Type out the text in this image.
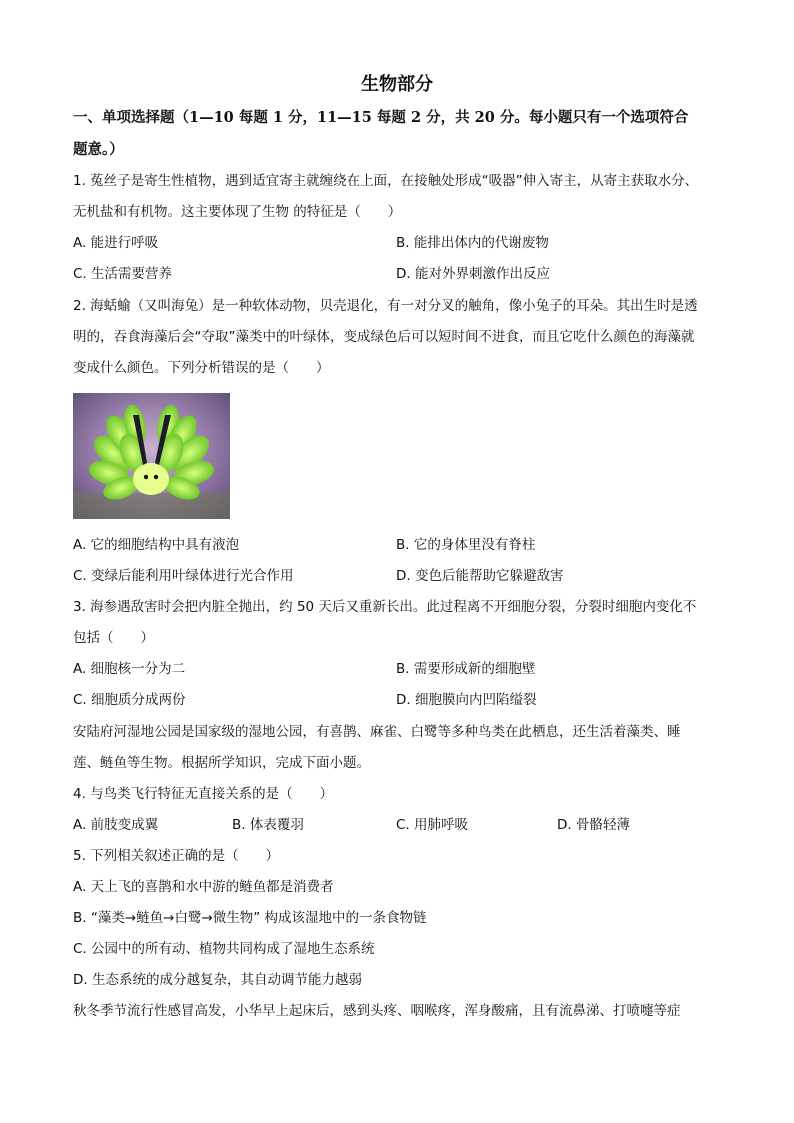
生物部分
一、单项选择题（1—10 每题 1 分，11—15 每题 2 分，共 20 分。每小题只有一个选项符合
题意。）
1. 菟丝子是寄生性植物，遇到适宜寄主就缠绕在上面，在接触处形成“吸器”伸入寄主，从寄主获取水分、
无机盐和有机物。这主要体现了生物 的特征是（　　）
A. 能进行呼吸	B. 能排出体内的代谢废物
C. 生活需要营养	D. 能对外界刺激作出反应
2. 海蛞蝓（又叫海兔）是一种软体动物，贝壳退化，有一对分叉的触角，像小兔子的耳朵。其出生时是透
明的，吞食海藻后会“夺取”藻类中的叶绿体，变成绿色后可以短时间不进食，而且它吃什么颜色的海藻就
变成什么颜色。下列分析错误的是（　　）
A. 它的细胞结构中具有液泡	B. 它的身体里没有脊柱
C. 变绿后能利用叶绿体进行光合作用	D. 变色后能帮助它躲避敌害
3. 海参遇敌害时会把内脏全抛出，约 50 天后又重新长出。此过程离不开细胞分裂，分裂时细胞内变化不
包括（　　）
A. 细胞核一分为二	B. 需要形成新的细胞壁
C. 细胞质分成两份	D. 细胞膜向内凹陷缢裂
安陆府河湿地公园是国家级的湿地公园，有喜鹊、麻雀、白鹭等多种鸟类在此栖息，还生活着藻类、睡
莲、鲢鱼等生物。根据所学知识，完成下面小题。
4. 与鸟类飞行特征无直接关系的是（　　）
A. 前肢变成翼	B. 体表覆羽	C. 用肺呼吸	D. 骨骼轻薄
5. 下列相关叙述正确的是（　　）
A. 天上飞的喜鹊和水中游的鲢鱼都是消费者
B. “藻类→鲢鱼→白鹭→微生物” 构成该湿地中的一条食物链
C. 公园中的所有动、植物共同构成了湿地生态系统
D. 生态系统的成分越复杂，其自动调节能力越弱
秋冬季节流行性感冒高发，小华早上起床后，感到头疼、咽喉疼，浑身酸痛，且有流鼻涕、打喷嚏等症
